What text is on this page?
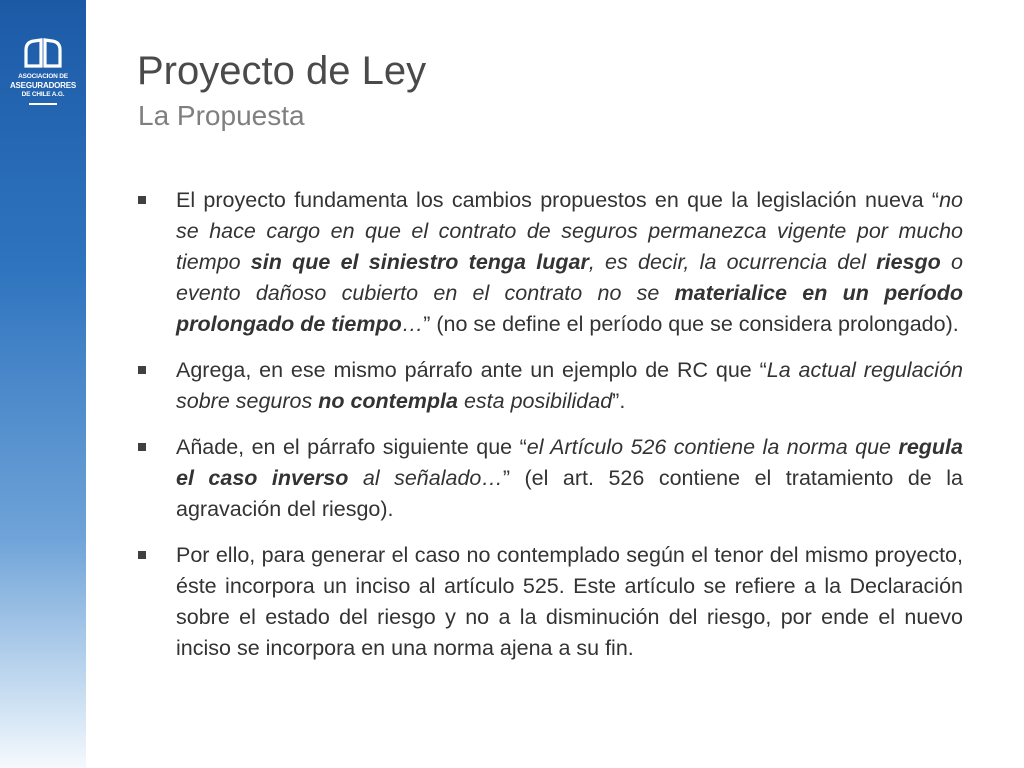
ASOCIACION DE
ASEGURADORES
DE CHILE A.G.
Proyecto de Ley
La Propuesta
El proyecto fundamenta los cambios propuestos en que la legislación nueva “no se hace cargo en que el contrato de seguros permanezca vigente por mucho tiempo sin que el siniestro tenga lugar, es decir, la ocurrencia del riesgo o evento dañoso cubierto en el contrato no se materialice en un período prolongado de tiempo…” (no se define el período que se considera prolongado).
Agrega, en ese mismo párrafo ante un ejemplo de RC que “La actual regulación sobre seguros no contempla esta posibilidad”.
Añade, en el párrafo siguiente que “el Artículo 526 contiene la norma que regula el caso inverso al señalado…” (el art. 526 contiene el tratamiento de la agravación del riesgo).
Por ello, para generar el caso no contemplado según el tenor del mismo proyecto, éste incorpora un inciso al artículo 525. Este artículo se refiere a la Declaración sobre el estado del riesgo y no a la disminución del riesgo, por ende el nuevo inciso se incorpora en una norma ajena a su fin.
